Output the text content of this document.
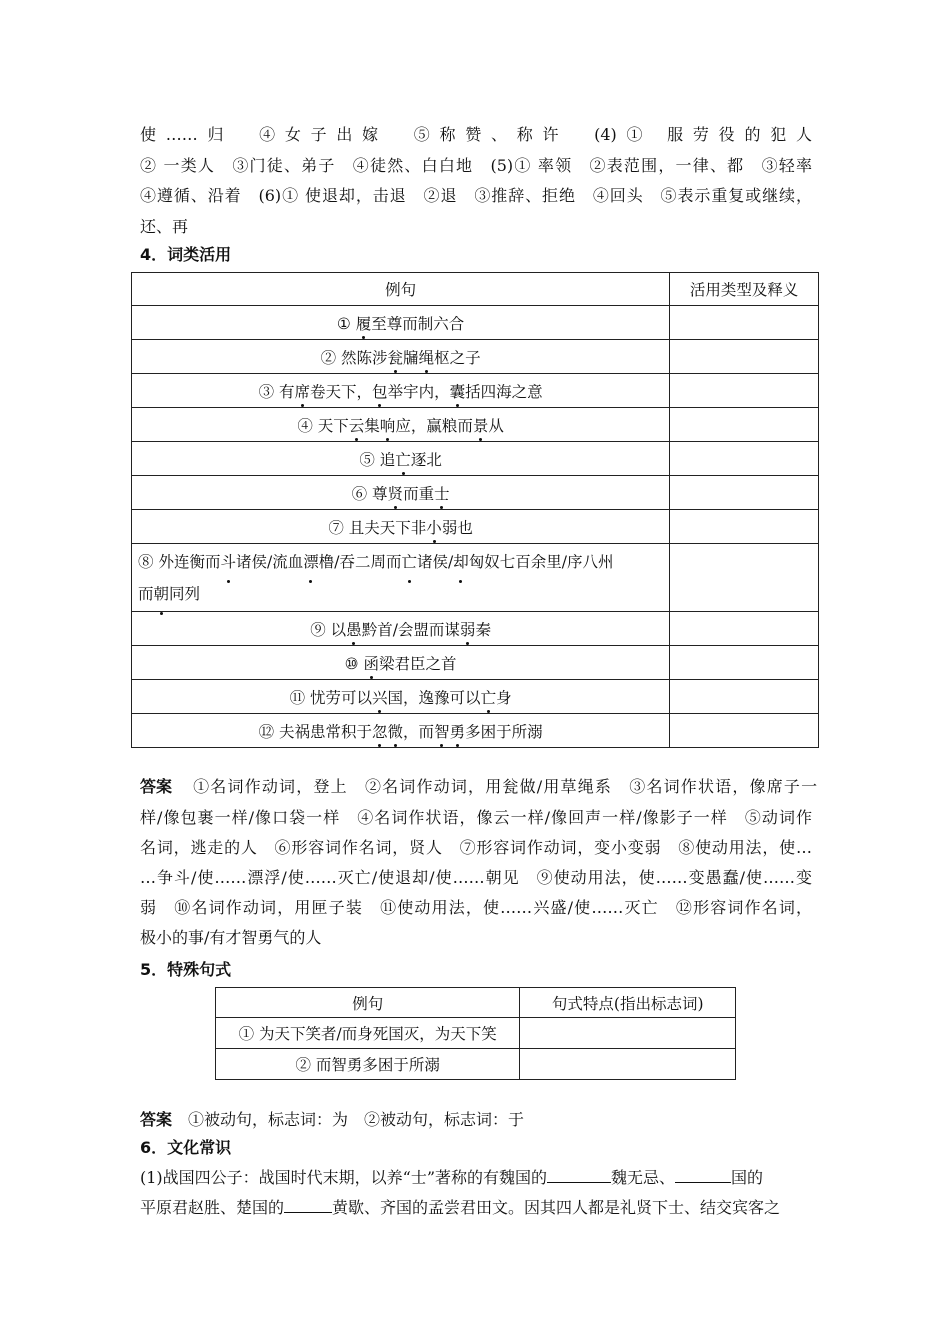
使……归　④女子出嫁　⑤称赞、称许　(4)① 服劳役的犯人
② 一类人　③门徒、弟子　④徒然、白白地　(5)① 率领　②表范围，一律、都　③轻率
④遵循、沿着　(6)① 使退却，击退　②退　③推辞、拒绝　④回头　⑤表示重复或继续，
还、再
4．词类活用
例句	活用类型及释义
① 履至尊而制六合	
② 然陈涉瓮牖绳枢之子	
③ 有席卷天下，包举宇内，囊括四海之意	
④ 天下云集响应，赢粮而景从	
⑤ 追亡逐北	
⑥ 尊贤而重士	
⑦ 且夫天下非小弱也	
⑧ 外连衡而斗诸侯/流血漂橹/吞二周而亡诸侯/却匈奴七百余里/序八州
而朝同列	
⑨ 以愚黔首/会盟而谋弱秦	
⑩ 函梁君臣之首	
⑪ 忧劳可以兴国，逸豫可以亡身	
⑫ 夫祸患常积于忽微，而智勇多困于所溺	
答案 ①名词作动词，登上　②名词作动词，用瓮做/用草绳系　③名词作状语，像席子一
样/像包裹一样/像口袋一样　④名词作状语，像云一样/像回声一样/像影子一样　⑤动词作
名词，逃走的人　⑥形容词作名词，贤人　⑦形容词作动词，变小变弱　⑧使动用法，使…
…争斗/使……漂浮/使……灭亡/使退却/使……朝见　⑨使动用法，使……变愚蠢/使……变
弱　⑩名词作动词，用匣子装　⑪使动用法，使……兴盛/使……灭亡　⑫形容词作名词，
极小的事/有才智勇气的人
5．特殊句式
例句	句式特点(指出标志词)
① 为天下笑者/而身死国灭，为天下笑	
② 而智勇多困于所溺	
答案 ①被动句，标志词：为　②被动句，标志词：于
6．文化常识
(1)战国四公子：战国时代末期，以养“士”著称的有魏国的	魏无忌、	国的
平原君赵胜、楚国的	黄歇、齐国的孟尝君田文。因其四人都是礼贤下士、结交宾客之
